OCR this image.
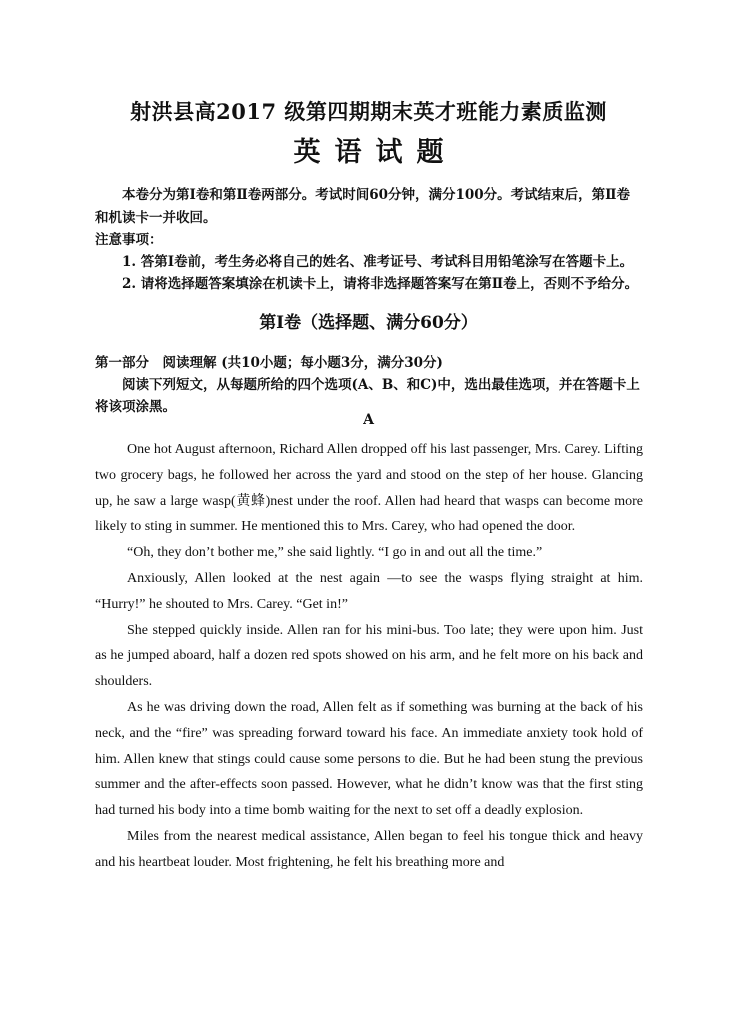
射洪县高2017 级第四期期末英才班能力素质监测
英语试题
本卷分为第Ⅰ卷和第Ⅱ卷两部分。考试时间60分钟，满分100分。考试结束后，第Ⅱ卷和机读卡一并收回。
注意事项：
1. 答第Ⅰ卷前，考生务必将自己的姓名、准考证号、考试科目用铅笔涂写在答题卡上。
2. 请将选择题答案填涂在机读卡上，请将非选择题答案写在第Ⅱ卷上，否则不予给分。
第Ⅰ卷（选择题、满分60分）
第一部分　阅读理解 (共10小题；每小题3分，满分30分)
阅读下列短文，从每题所给的四个选项(A、B、和C)中，选出最佳选项，并在答题卡上将该项涂黑。
A

One hot August afternoon, Richard Allen dropped off his last passenger, Mrs. Carey. Lifting two grocery bags, he followed her across the yard and stood on the step of her house. Glancing up, he saw a large wasp(黄蜂)nest under the roof. Allen had heard that wasps can become more likely to sting in summer. He mentioned this to Mrs. Carey, who had opened the door.

“Oh, they don’t bother me,” she said lightly. “I go in and out all the time.”

Anxiously, Allen looked at the nest again —to see the wasps flying straight at him. “Hurry!” he shouted to Mrs. Carey. “Get in!”

She stepped quickly inside. Allen ran for his mini-bus. Too late; they were upon him. Just as he jumped aboard, half a dozen red spots showed on his arm, and he felt more on his back and shoulders.

As he was driving down the road, Allen felt as if something was burning at the back of his neck, and the “fire” was spreading forward toward his face. An immediate anxiety took hold of him. Allen knew that stings could cause some persons to die. But he had been stung the previous summer and the after-effects soon passed. However, what he didn’t know was that the first sting had turned his body into a time bomb waiting for the next to set off a deadly explosion.

Miles from the nearest medical assistance, Allen began to feel his tongue thick and heavy and his heartbeat louder. Most frightening, he felt his breathing more and
